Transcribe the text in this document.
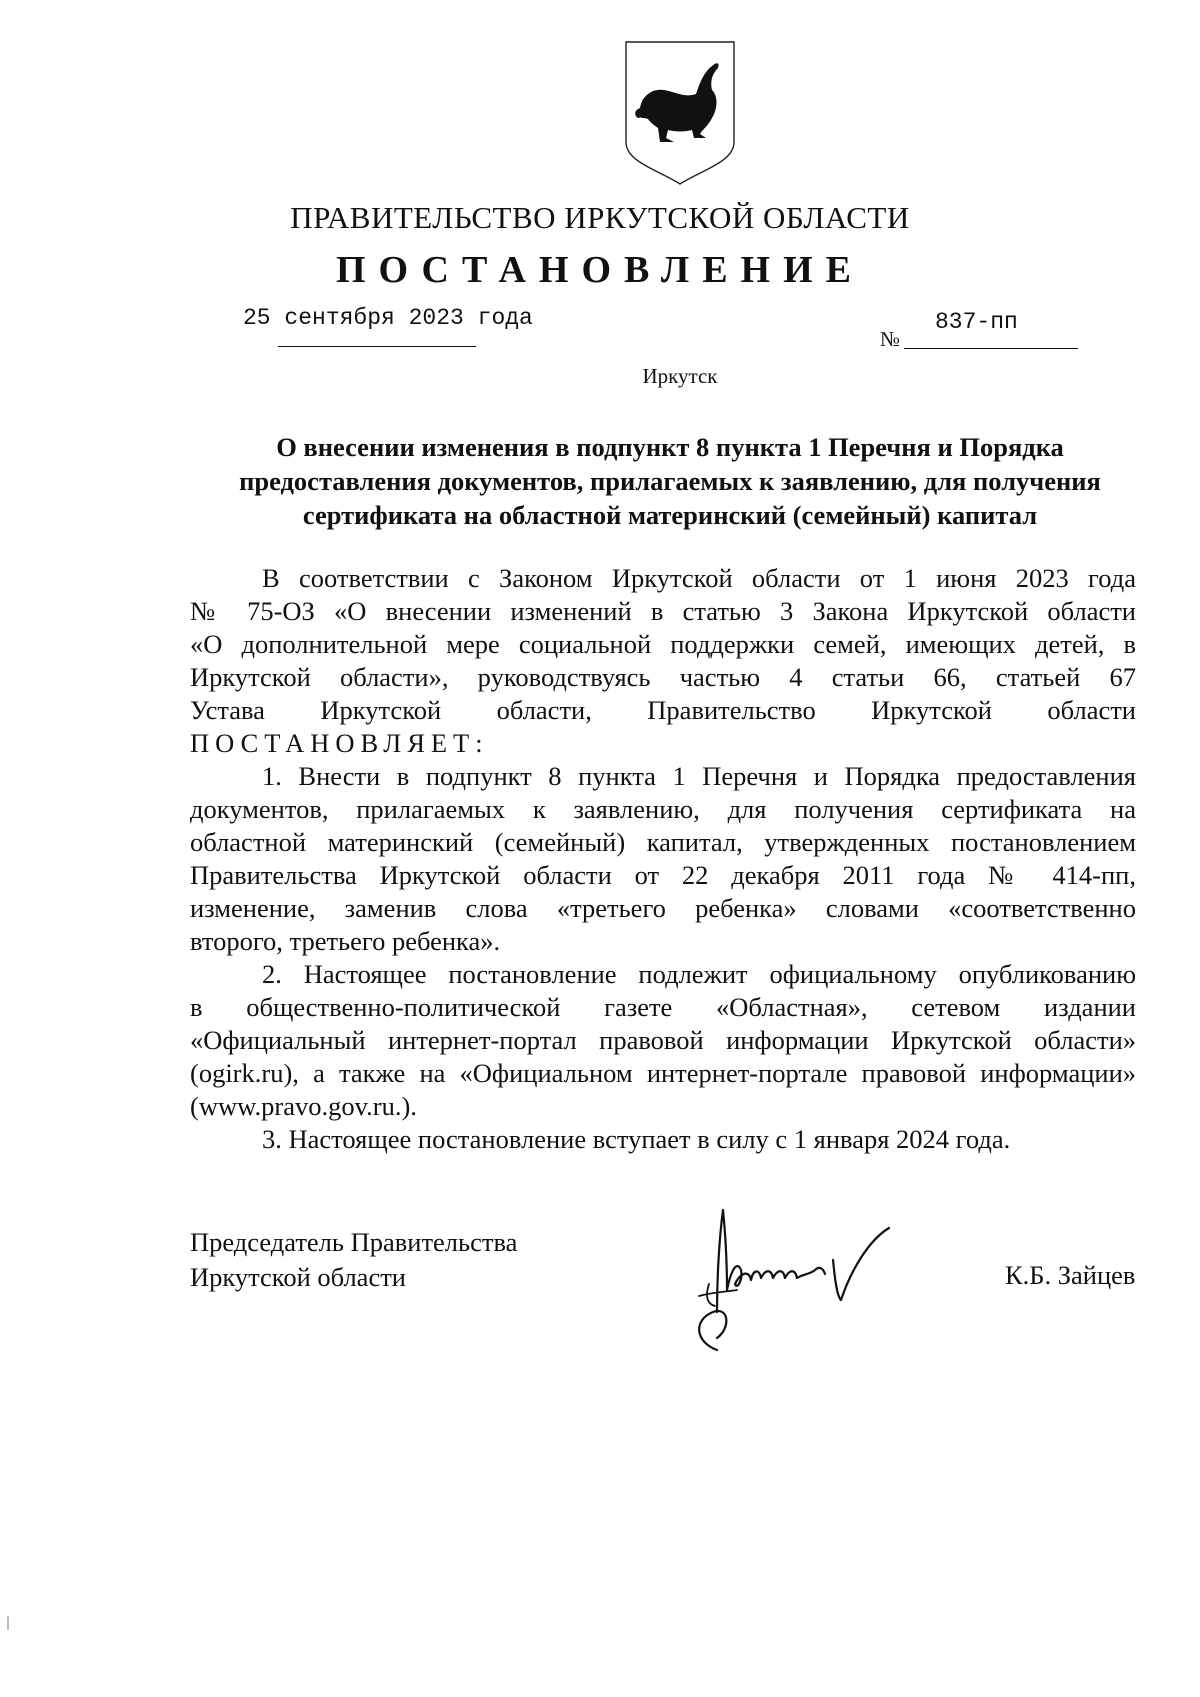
ПРАВИТЕЛЬСТВО ИРКУТСКОЙ ОБЛАСТИ
ПОСТАНОВЛЕНИЕ
25 сентября 2023 года
№
837-пп
Иркутск
О внесении изменения в подпункт 8 пункта 1 Перечня и Порядка
предоставления документов, прилагаемых к заявлению, для получения
сертификата на областной материнский (семейный) капитал

В соответствии с Законом Иркутской области от 1 июня 2023 года

№ 75-ОЗ «О внесении изменений в статью 3 Закона Иркутской области

«О дополнительной мере социальной поддержки семей, имеющих детей, в

Иркутской области», руководствуясь частью 4 статьи 66, статьей 67

Устава Иркутской области, Правительство Иркутской области

ПОСТАНОВЛЯЕТ:

1. Внести в подпункт 8 пункта 1 Перечня и Порядка предоставления

документов, прилагаемых к заявлению, для получения сертификата на

областной материнский (семейный) капитал, утвержденных постановлением

Правительства Иркутской области от 22 декабря 2011 года № 414-пп,

изменение, заменив слова «третьего ребенка» словами «соответственно

второго, третьего ребенка».

2. Настоящее постановление подлежит официальному опубликованию

в общественно-политической газете «Областная», сетевом издании

«Официальный интернет-портал правовой информации Иркутской области»

(ogirk.ru), а также на «Официальном интернет-портале правовой информации»

(www.pravo.gov.ru.).

3. Настоящее постановление вступает в силу с 1 января 2024 года.

Председатель Правительства
Иркутской области	К.Б. Зайцев
